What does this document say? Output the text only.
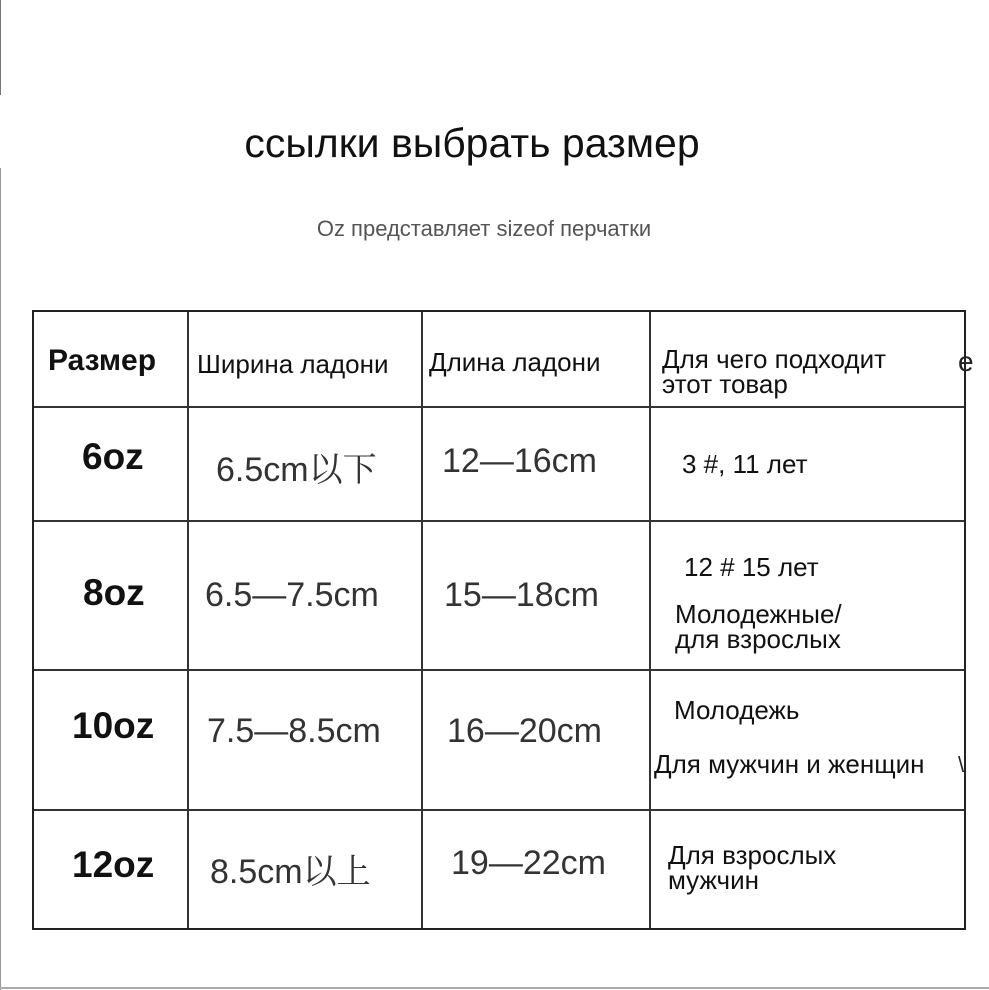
ссылки выбрать размер
Oz представляет sizeof перчатки
Размер Ширина ладони Длина ладони Для чего подходит
этот товар
6oz 6.5cm以下 12—16cm	3 #, 11 лет
8oz 6.5—7.5cm 15—18cm
12 # 15 лет
Молодежные/
для взрослых
10oz 7.5—8.5cm 16—20cm
Молодежь
Для мужчин и женщин
12oz 8.5cm以上 19—22cm Для взрослых
мужчин
e
\
